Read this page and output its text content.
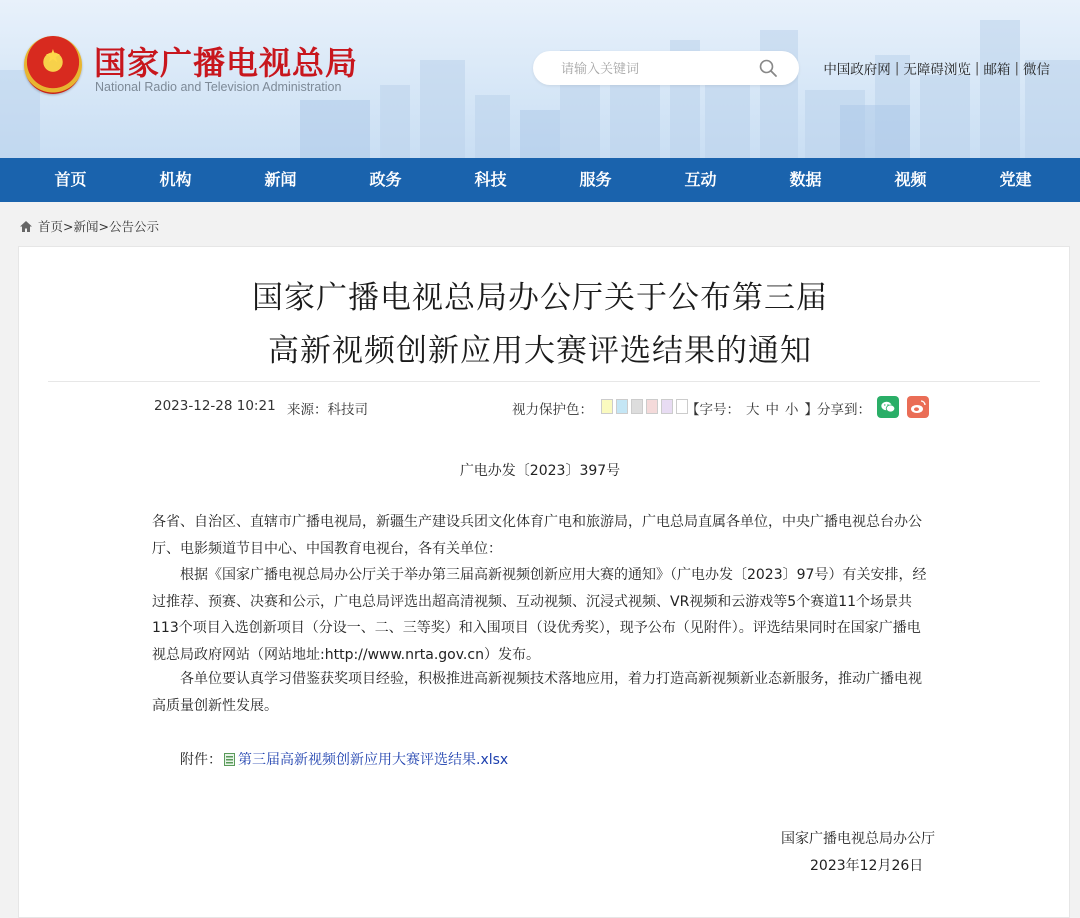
★
国家广播电视总局
National Radio and Television Administration
请输入关键词
中国政府网 | 无障碍浏览 | 邮箱 | 微信
首页	机构	新闻	政务	科技	服务	互动	数据	视频	党建
首页 > 新闻 > 公告公示
国家广播电视总局办公厅关于公布第三届
高新视频创新应用大赛评选结果的通知
2023-12-28 10:21 来源：科技司	视力保护色：	【字号： 大 中 小 】 分享到：
广电办发〔2023〕397号
各省、自治区、直辖市广播电视局，新疆生产建设兵团文化体育广电和旅游局，广电总局直属各单位，中央广播电视总台办公厅、电影频道节目中心、中国教育电视台，各有关单位：
根据《国家广播电视总局办公厅关于举办第三届高新视频创新应用大赛的通知》（广电办发〔2023〕97号）有关安排，经过推荐、预赛、决赛和公示，广电总局评选出超高清视频、互动视频、沉浸式视频、VR视频和云游戏等5个赛道11个场景共113个项目入选创新项目（分设一、二、三等奖）和入围项目（设优秀奖），现予公布（见附件）。评选结果同时在国家广播电视总局政府网站（网站地址:http://www.nrta.gov.cn）发布。
各单位要认真学习借鉴获奖项目经验，积极推进高新视频技术落地应用，着力打造高新视频新业态新服务，推动广播电视高质量创新性发展。
附件： 第三届高新视频创新应用大赛评选结果.xlsx
国家广播电视总局办公厅
2023年12月26日
